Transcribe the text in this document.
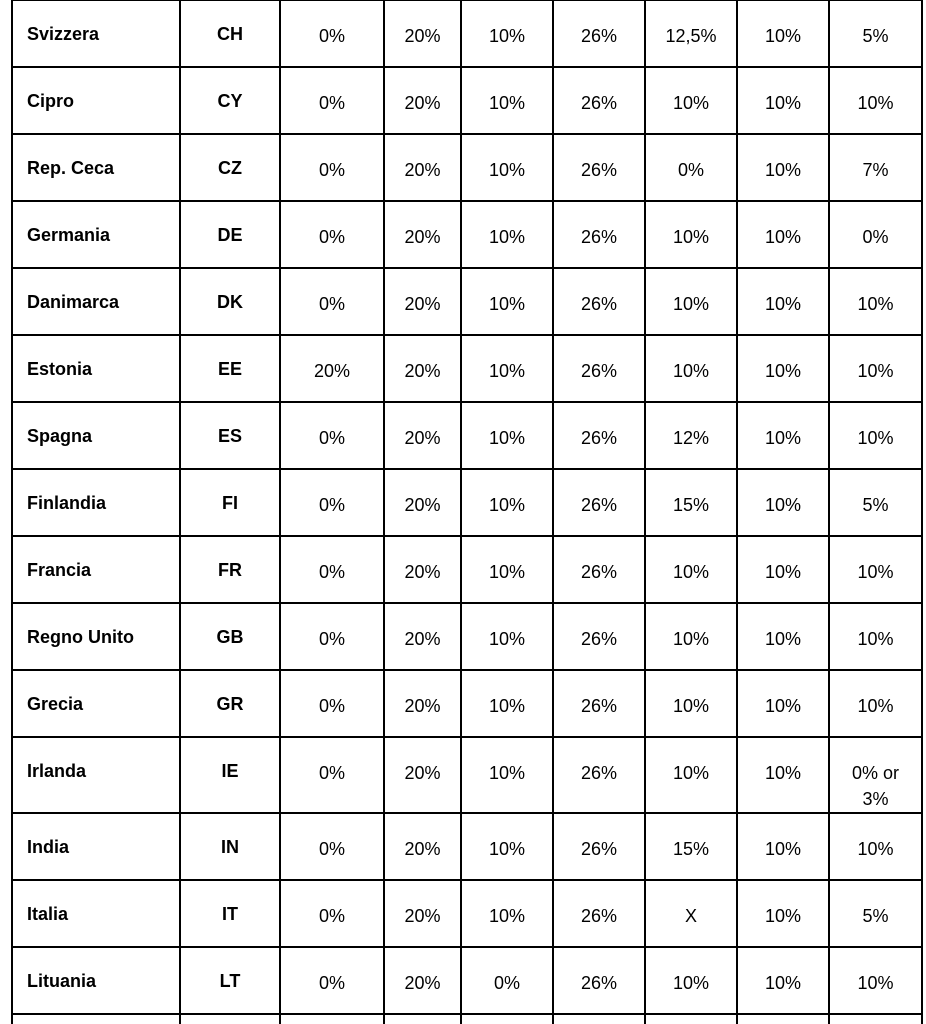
Svizzera	CH	0%	20%	10%	26%	12,5%	10%	5%
Cipro	CY	0%	20%	10%	26%	10%	10%	10%
Rep. Ceca	CZ	0%	20%	10%	26%	0%	10%	7%
Germania	DE	0%	20%	10%	26%	10%	10%	0%
Danimarca	DK	0%	20%	10%	26%	10%	10%	10%
Estonia	EE	20%	20%	10%	26%	10%	10%	10%
Spagna	ES	0%	20%	10%	26%	12%	10%	10%
Finlandia	FI	0%	20%	10%	26%	15%	10%	5%
Francia	FR	0%	20%	10%	26%	10%	10%	10%
Regno Unito	GB	0%	20%	10%	26%	10%	10%	10%
Grecia	GR	0%	20%	10%	26%	10%	10%	10%
Irlanda	IE	0%	20%	10%	26%	10%	10%	0% or 3%
India	IN	0%	20%	10%	26%	15%	10%	10%
Italia	IT	0%	20%	10%	26%	X	10%	5%
Lituania	LT	0%	20%	0%	26%	10%	10%	10%
